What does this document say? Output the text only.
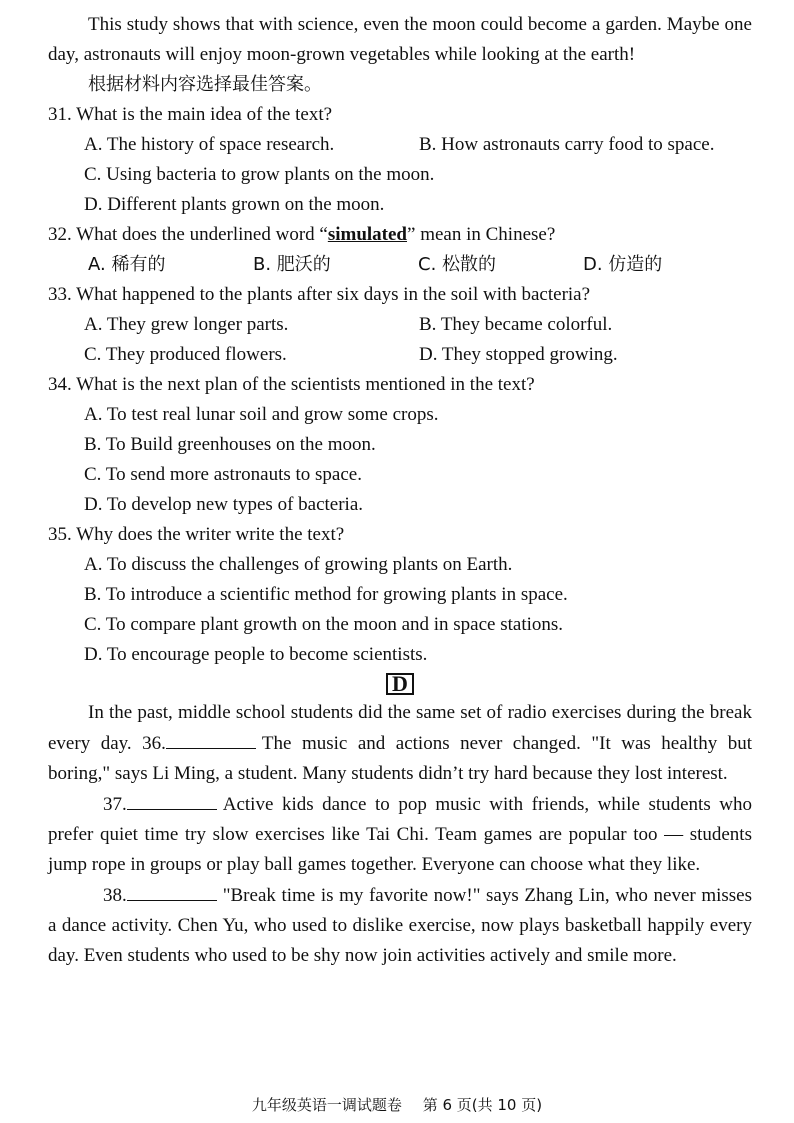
This study shows that with science, even the moon could become a garden. Maybe one day, astronauts will enjoy moon-grown vegetables while looking at the earth!

根据材料内容选择最佳答案。

31. What is the main idea of the text?

A. The history of space research.	B. How astronauts carry food to space.

C. Using bacteria to grow plants on the moon.

D. Different plants grown on the moon.

32. What does the underlined word “simulated” mean in Chinese?

A. 稀有的	B. 肥沃的	C. 松散的	D. 仿造的

33. What happened to the plants after six days in the soil with bacteria?

A. They grew longer parts.	B. They became colorful.
C. They produced flowers.	D. They stopped growing.

34. What is the next plan of the scientists mentioned in the text?

A. To test real lunar soil and grow some crops.

B. To Build greenhouses on the moon.

C. To send more astronauts to space.

D. To develop new types of bacteria.

35. Why does the writer write the text?

A. To discuss the challenges of growing plants on Earth.

B. To introduce a scientific method for growing plants in space.

C. To compare plant growth on the moon and in space stations.

D. To encourage people to become scientists.

D

In the past, middle school students did the same set of radio exercises during the break every day. 36.	The music and actions never changed. "It was healthy but boring," says Li Ming, a student. Many students didn’t try hard because they lost interest.

37.	Active kids dance to pop music with friends, while students who prefer quiet time try slow exercises like Tai Chi. Team games are popular too — students jump rope in groups or play ball games together. Everyone can choose what they like.

38.	"Break time is my favorite now!" says Zhang Lin, who never misses a dance activity. Chen Yu, who used to dislike exercise, now plays basketball happily every day. Even students who used to be shy now join activities actively and smile more.

九年级英语一调试题卷 第 6 页(共 10 页)
